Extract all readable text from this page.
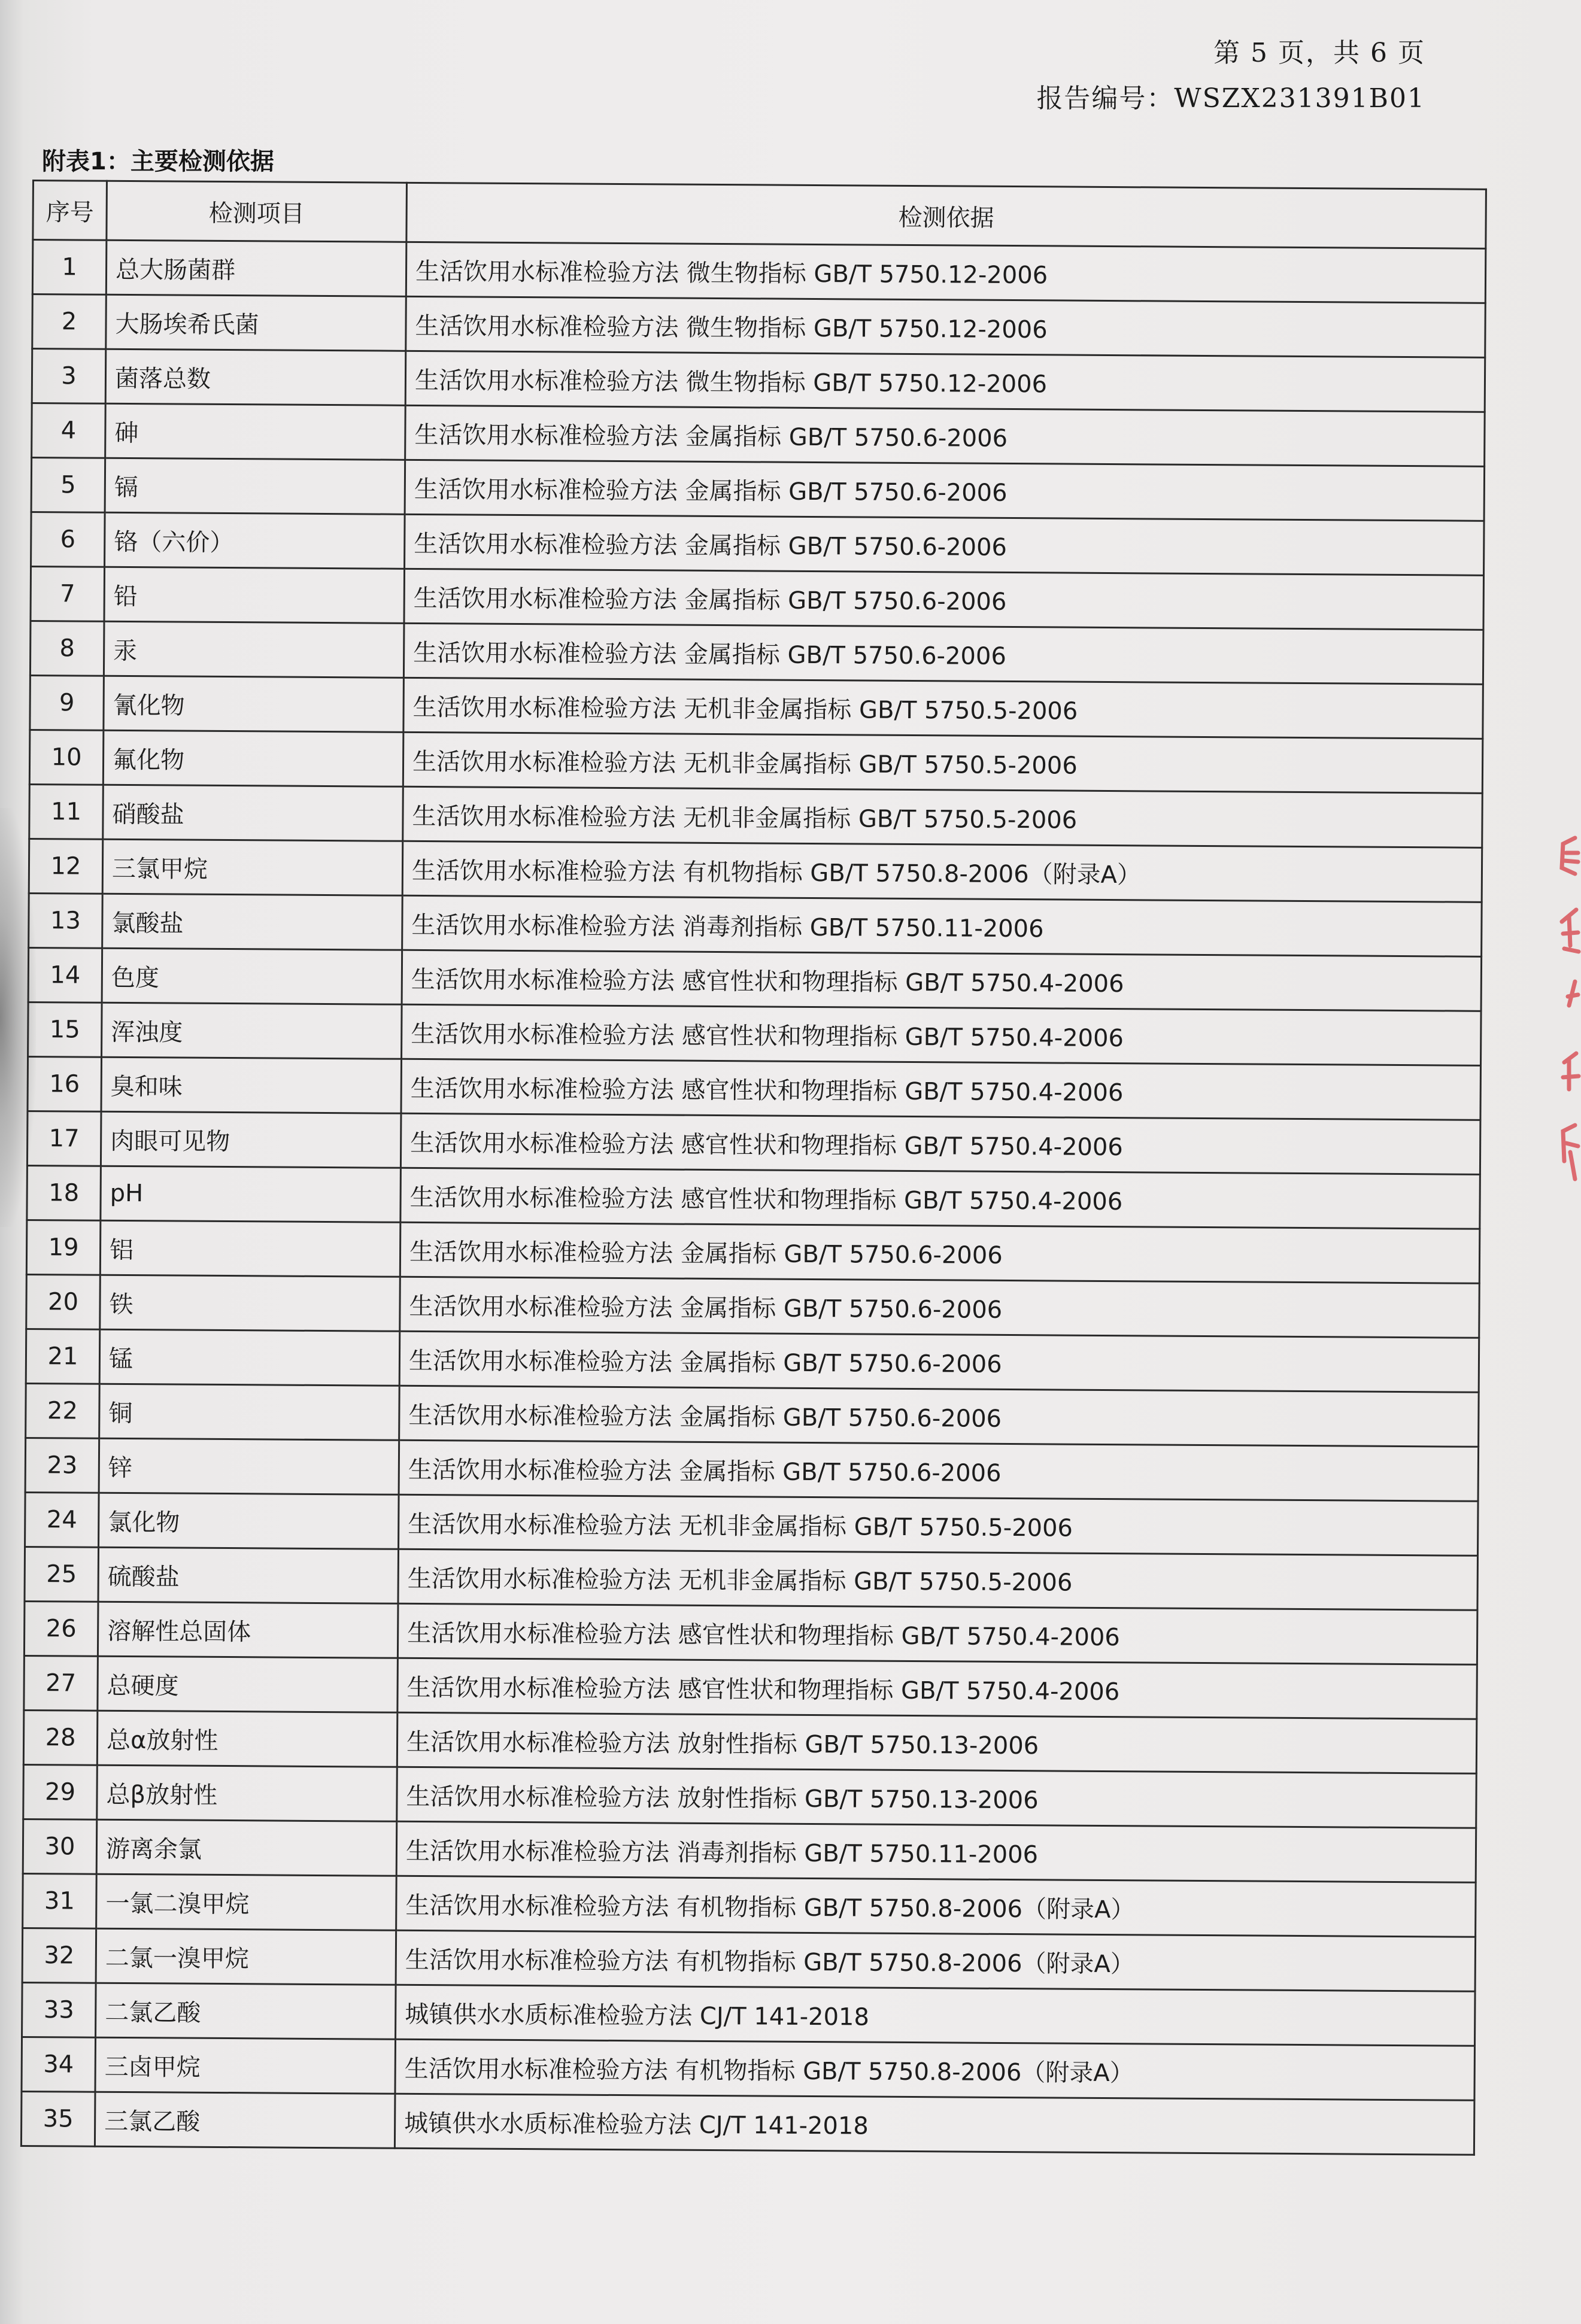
第 5 页，共 6 页
报告编号：WSZX231391B01
附表1：主要检测依据
序号	检测项目	检测依据
1	总大肠菌群	生活饮用水标准检验方法 微生物指标 GB/T 5750.12-2006
2	大肠埃希氏菌	生活饮用水标准检验方法 微生物指标 GB/T 5750.12-2006
3	菌落总数	生活饮用水标准检验方法 微生物指标 GB/T 5750.12-2006
4	砷	生活饮用水标准检验方法 金属指标 GB/T 5750.6-2006
5	镉	生活饮用水标准检验方法 金属指标 GB/T 5750.6-2006
6	铬（六价）	生活饮用水标准检验方法 金属指标 GB/T 5750.6-2006
7	铅	生活饮用水标准检验方法 金属指标 GB/T 5750.6-2006
8	汞	生活饮用水标准检验方法 金属指标 GB/T 5750.6-2006
9	氰化物	生活饮用水标准检验方法 无机非金属指标 GB/T 5750.5-2006
10	氟化物	生活饮用水标准检验方法 无机非金属指标 GB/T 5750.5-2006
11	硝酸盐	生活饮用水标准检验方法 无机非金属指标 GB/T 5750.5-2006
12	三氯甲烷	生活饮用水标准检验方法 有机物指标 GB/T 5750.8-2006（附录A）
13	氯酸盐	生活饮用水标准检验方法 消毒剂指标 GB/T 5750.11-2006
14	色度	生活饮用水标准检验方法 感官性状和物理指标 GB/T 5750.4-2006
15	浑浊度	生活饮用水标准检验方法 感官性状和物理指标 GB/T 5750.4-2006
16	臭和味	生活饮用水标准检验方法 感官性状和物理指标 GB/T 5750.4-2006
17	肉眼可见物	生活饮用水标准检验方法 感官性状和物理指标 GB/T 5750.4-2006
18	pH	生活饮用水标准检验方法 感官性状和物理指标 GB/T 5750.4-2006
19	铝	生活饮用水标准检验方法 金属指标 GB/T 5750.6-2006
20	铁	生活饮用水标准检验方法 金属指标 GB/T 5750.6-2006
21	锰	生活饮用水标准检验方法 金属指标 GB/T 5750.6-2006
22	铜	生活饮用水标准检验方法 金属指标 GB/T 5750.6-2006
23	锌	生活饮用水标准检验方法 金属指标 GB/T 5750.6-2006
24	氯化物	生活饮用水标准检验方法 无机非金属指标 GB/T 5750.5-2006
25	硫酸盐	生活饮用水标准检验方法 无机非金属指标 GB/T 5750.5-2006
26	溶解性总固体	生活饮用水标准检验方法 感官性状和物理指标 GB/T 5750.4-2006
27	总硬度	生活饮用水标准检验方法 感官性状和物理指标 GB/T 5750.4-2006
28	总α放射性	生活饮用水标准检验方法 放射性指标 GB/T 5750.13-2006
29	总β放射性	生活饮用水标准检验方法 放射性指标 GB/T 5750.13-2006
30	游离余氯	生活饮用水标准检验方法 消毒剂指标 GB/T 5750.11-2006
31	一氯二溴甲烷	生活饮用水标准检验方法 有机物指标 GB/T 5750.8-2006（附录A）
32	二氯一溴甲烷	生活饮用水标准检验方法 有机物指标 GB/T 5750.8-2006（附录A）
33	二氯乙酸	城镇供水水质标准检验方法 CJ/T 141-2018
34	三卤甲烷	生活饮用水标准检验方法 有机物指标 GB/T 5750.8-2006（附录A）
35	三氯乙酸	城镇供水水质标准检验方法 CJ/T 141-2018
